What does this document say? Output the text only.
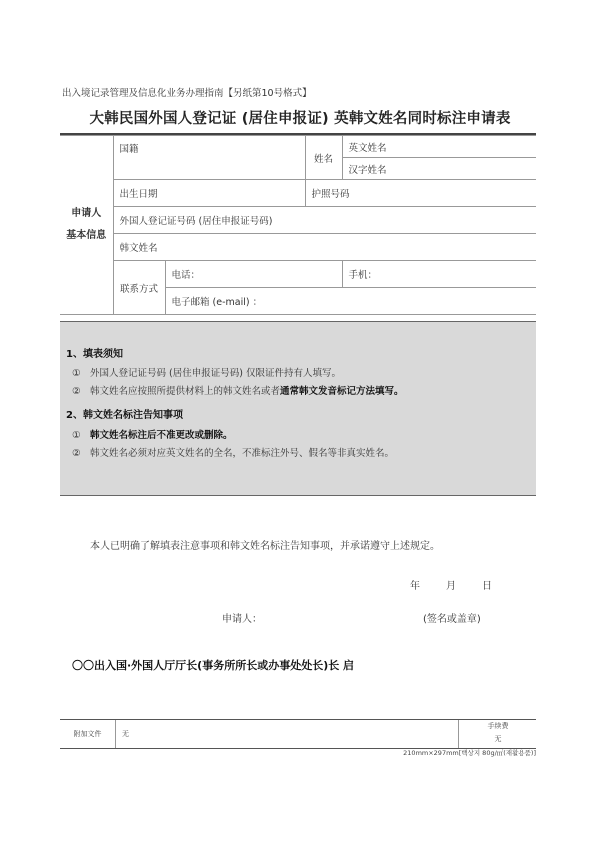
出入境记录管理及信息化业务办理指南【另纸第10号格式】
大韩民国外国人登记证 (居住申报证) 英韩文姓名同时标注申请表
申请人
基本信息	国籍		姓名	英文姓名
				汉字姓名
	出生日期		护照号码	
	外国人登记证号码 (居住申报证号码)			
	韩文姓名			
	联系方式	电话：		手机：
		电子邮箱 (e-mail) ：		
1、填表须知
① 外国人登记证号码 (居住申报证号码) 仅限证件持有人填写。
② 韩文姓名应按照所提供材料上的韩文姓名或者通常韩文发音标记方法填写。
2、韩文姓名标注告知事项
① 韩文姓名标注后不准更改或删除。
② 韩文姓名必须对应英文姓名的全名，不准标注外号、假名等非真实姓名。
本人已明确了解填表注意事项和韩文姓名标注告知事项，并承诺遵守上述规定。
年	月	日
申请人：	(签名或盖章)
〇〇出入国·外国人厅厅长(事务所所长或办事处处长)长 启
附加文件	无
手续费
无
210mm×297mm[백상지 80g/㎡(재활용품)]
